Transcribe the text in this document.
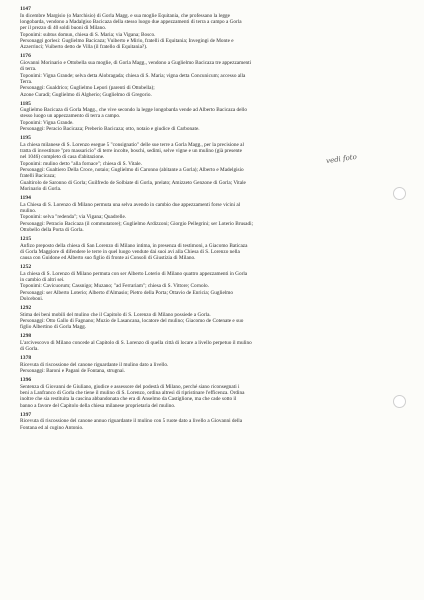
vedi foto
1147
In dicembre Margisio (o Marchisio) di Gorla Magg. e sua moglie Equitania, che professano la legge
longobarda, vendono a Madalgiso Bacicaza della stesso luogo due appezzamenti di terra a campo a Gorla
per il prezzo di 40 soldi buoni di Milano.
Toponimi: subtus domun, chiesa di S. Maria; via Vigana; Bosco.
Personaggi gorlesi: Guglielmo Bacicaza; Vuiberto e Mirio, fratelli di Equitania; Invegingi de Monte e
Azzerrinci; Vuiberto detto de Villa (il fratello di Equitania?).
1176
Giovanni Morinario e Ottobella sua moglie, di Gorla Magg., vendono a Guglielmo Bacicaza tre appezzamenti
di terra.
Toponimi: Vigna Grande; selva detta Alobragada; chiesa di S. Maria; vigna detta Concunicum; accesso alla
Terra.
Personaggi: Gualdrico; Guglielmo Lepori (parenti di Ottobella);
Azone Curadi; Guglielmo di Algherio; Guglielmo di Gregorio.
1185
Guglielmo Bacicaza di Gorla Magg., che vive secondo la legge longobarda vende ad Alberto Bacicaza dello
stesso luogo un appezzamento di terra a campo.
Toponimi: Vigna Grande.
Personaggi: Peracio Bacicaza; Preberio Bacicaza; otto, notaio e giudice di Carbonate.
1195
La chiesa milanese di S. Lorenzo esegue 5 "consignatio" delle sue terre a Gorla Magg., per la precisione al
tratta di investiture "pro massaricio" di terre incolte, boschi, sedimi, selve vigne e un mulino (già presente
nel 1046) completo di casa d'abitazione.
Toponimi: mulino detto "alla fornace"; chiesa di S. Vitale.
Personaggi: Gualtiero Della Croce, notaio; Guglielmo di Caronno (abitante a Gorla); Alberto e Madelgisio
fratelli Bacicaza;
Gualtirolo de Saronno di Gorla; Guilfredo de Solbiate di Gorla, prelato; Amizzeto Genzone di Gorla; Vitale
Morinario di Gorla.
1194
La Chiesa di S. Lorenzo di Milano permuta una selva avendo in cambio due appezzamenti forse vicini al
mulino.
Toponimi: selva "redenda"; via Vigana; Quadrelle.
Personaggi: Petracio Bacicaza (il commutatore); Guglielmo Ardizzoni; Giorgio Pellegrini; ser Loterio Brusadi;
Ottobello della Porta di Gorla.
1215
Anfizo preposto della chiesa di San Lorenzo di Milano intima, in presenza di testimoni, a Giacomo Baticaza
di Gorla Maggiore di difendere le terre in quel luogo vendute dai suoi avi alla Chiesa di S. Lorenzo nella
causa con Guidone ed Alberto suo figlio di fronte ai Consoli di Giustizia di Milano.
1252
La chiesa di S. Lorenzo di Milano permuta con ser Alberto Loterio di Milano quattro appezzamenti in Gorla
in cambio di altri sei.
Toponimi: Cavicuorum; Cassnigo; Muzano; "ad Ferrariam"; chiesa di S. Vittore; Cornolo.
Personaggi: ser Alberto Loterio; Alberto d'Almasio; Pietro della Porta; Ottavio de Enricia; Guglielmo
Dolceboni.
1292
Stima dei beni mobili del mulino che il Capitolo di S. Lorenzo di Milano possiede a Gorla.
Personaggi: Otto Gallo di Fagnano; Muzio de Lasancana, locatore del mulino; Giacomo de Cotenate e suo
figlio Albertino di Gorla Magg.
1298
L'arcivescovo di Milano concede al Capitolo di S. Lorenzo di quella città di locare a livello perpetuo il mulino
di Gorla.
1378
Ricevuta di riscossione del canone riguardante il mulino dato a livello.
Personaggi: Baroni e Pagani de Fontana, strugnai.
1396
Sentenza di Giovanni de Giuliano, giudice e assessore del podestà di Milano, perché siano riconsegnati i
beni a Lanfranco di Gorla che tiene il mulino di S. Lorenzo, ordina altresì di ripristinare l'efficenza. Ordina
inoltre che sia restituita la cascina abbandonata che era di Anselmo da Castiglione, ma che cade sotto il
banno a favore del Capitolo della chiesa milanese proprietaria del mulino.
1397
Ricevuta di riscossione del canone annuo riguardante il mulino con 5 ruote dato a livello a Giovanni della
Fontana ed al cugino Antonio.
